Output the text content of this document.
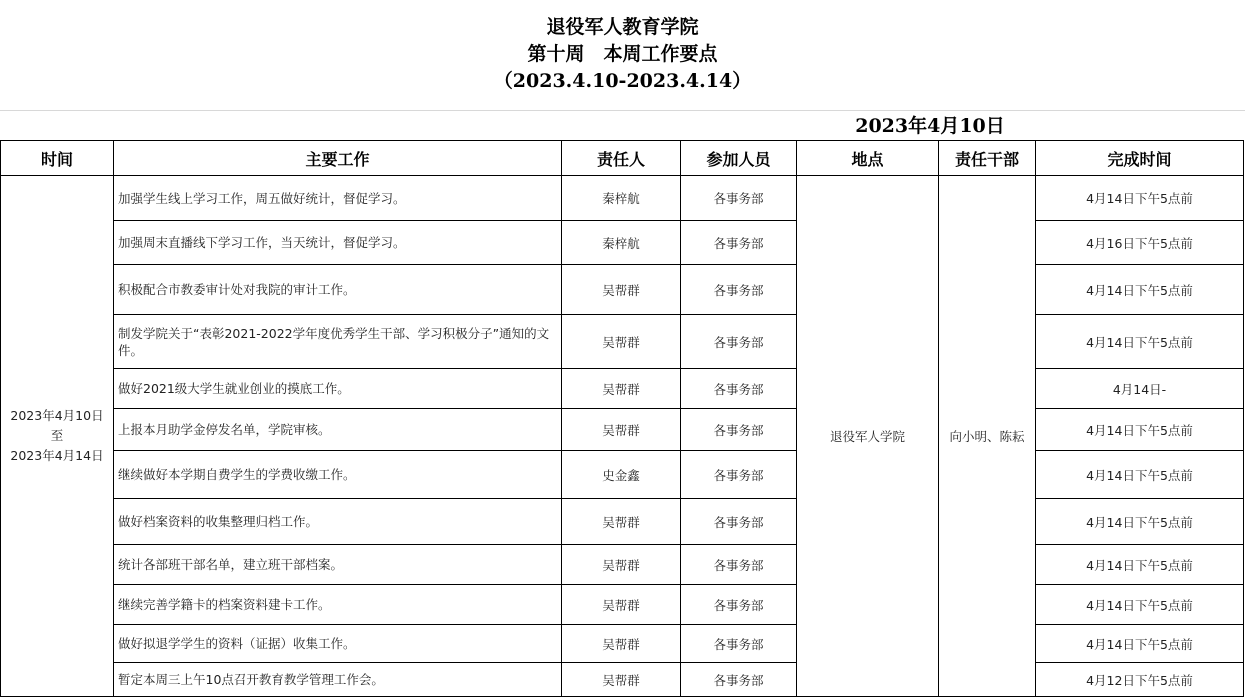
退役军人教育学院
第十周　本周工作要点
（2023.4.10-2023.4.14）
2023年4月10日
时间	主要工作	责任人	参加人员	地点	责任干部	完成时间

2023年4月10日
至
2023年4月14日	加强学生线上学习工作，周五做好统计，督促学习。	秦梓航	各事务部	退役军人学院	向小明、陈耘	4月14日下午5点前
	加强周末直播线下学习工作，当天统计，督促学习。	秦梓航	各事务部			4月16日下午5点前
	积极配合市教委审计处对我院的审计工作。	吴帮群	各事务部			4月14日下午5点前
	制发学院关于“表彰2021-2022学年度优秀学生干部、学习积极分子”通知的文件。	吴帮群	各事务部			4月14日下午5点前
	做好2021级大学生就业创业的摸底工作。	吴帮群	各事务部			4月14日-
	上报本月助学金停发名单，学院审核。	吴帮群	各事务部			4月14日下午5点前
	继续做好本学期自费学生的学费收缴工作。	史金鑫	各事务部			4月14日下午5点前
	做好档案资料的收集整理归档工作。	吴帮群	各事务部			4月14日下午5点前
	统计各部班干部名单，建立班干部档案。	吴帮群	各事务部			4月14日下午5点前
	继续完善学籍卡的档案资料建卡工作。	吴帮群	各事务部			4月14日下午5点前
	做好拟退学学生的资料（证据）收集工作。	吴帮群	各事务部			4月14日下午5点前
	暂定本周三上午10点召开教育教学管理工作会。	吴帮群	各事务部			4月12日下午5点前
